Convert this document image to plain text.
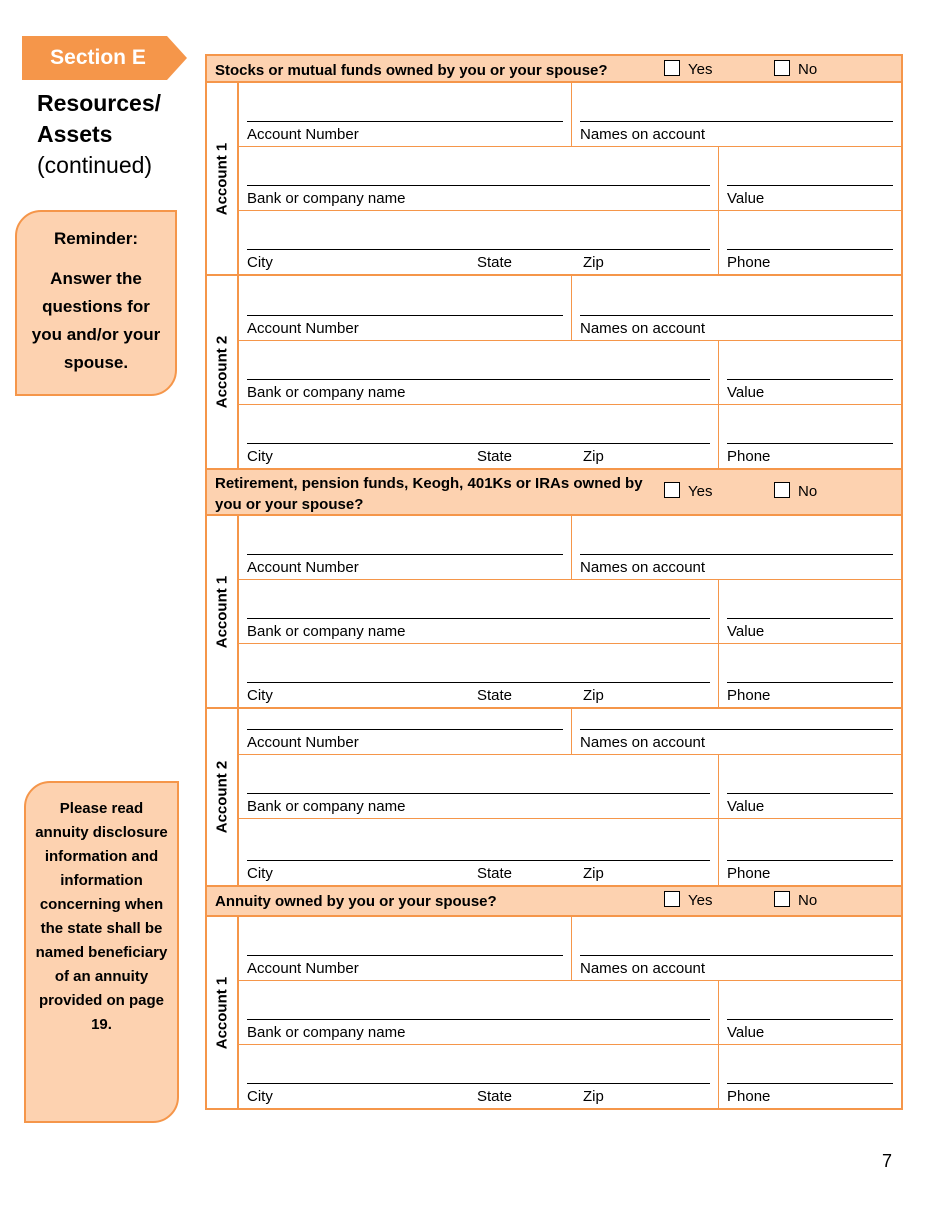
Section E
Resources/
Assets
(continued)
Reminder:
Answer the questions for you and/or your spouse.
Please read annuity disclosure information and information concerning when the state shall be named beneficiary of an annuity provided on page 19.
Stocks or mutual funds owned by you or your spouse?	Yes	No
Account 1
Account Number	Names on account
Bank or company name	Value
City	State	Zip	Phone
Account 2
Account Number	Names on account
Bank or company name	Value
City	State	Zip	Phone
Retirement, pension funds, Keogh, 401Ks or IRAs owned by you or your spouse?
Yes	No
Account 1
Account Number	Names on account
Bank or company name	Value
City	State	Zip	Phone
Account 2
Account Number	Names on account
Bank or company name	Value
City	State	Zip	Phone
Annuity owned by you or your spouse?	Yes	No
Account 1
Account Number	Names on account
Bank or company name	Value
City	State	Zip	Phone
7
